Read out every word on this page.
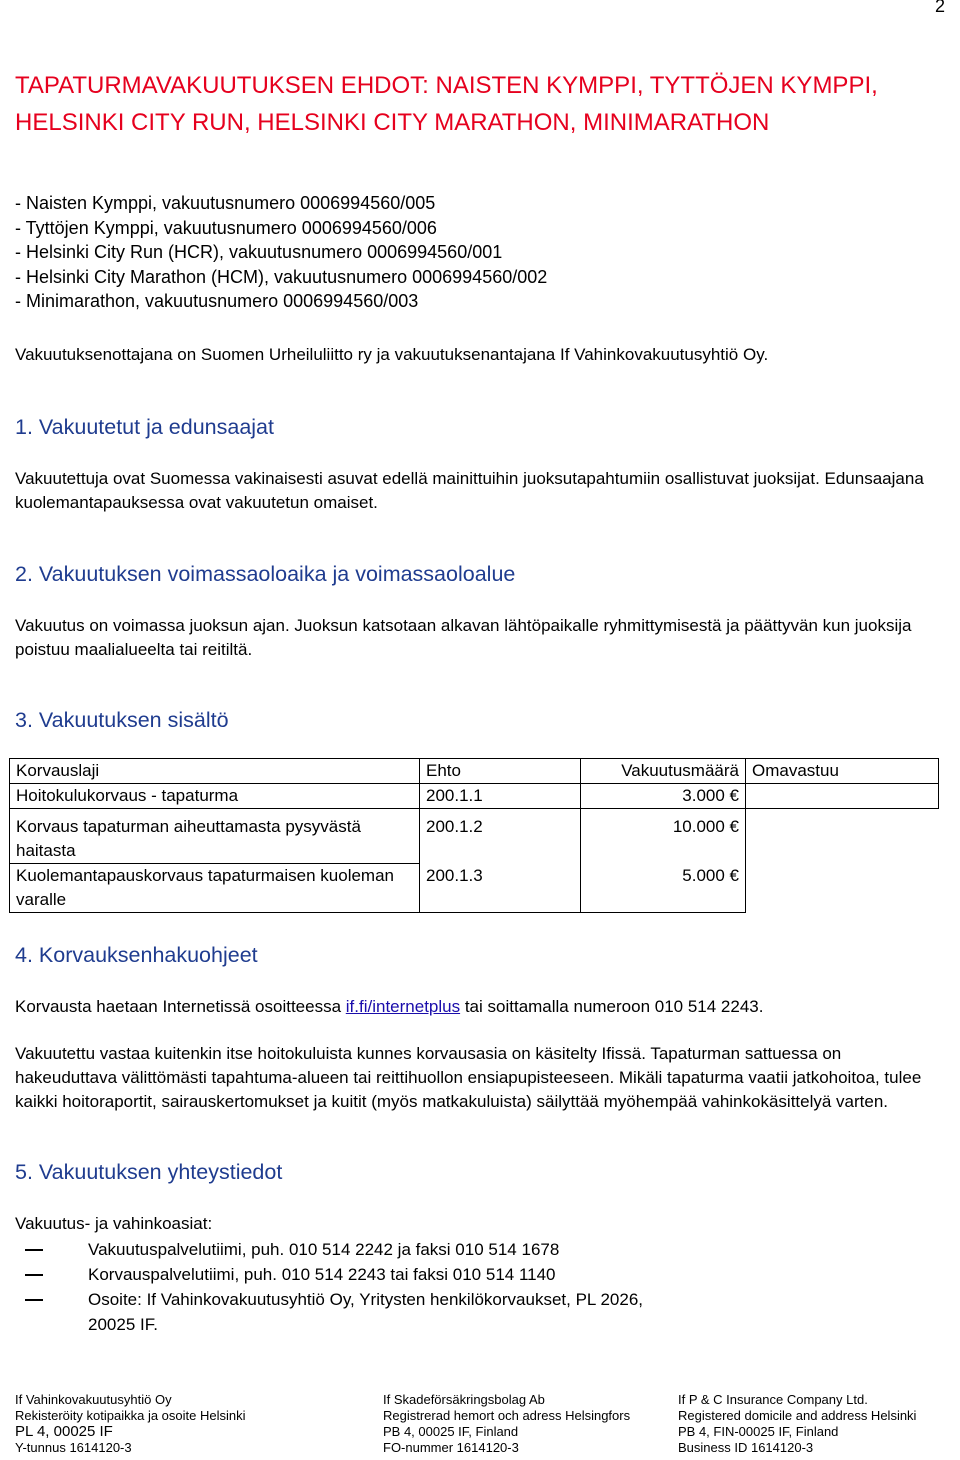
2
TAPATURMAVAKUUTUKSEN EHDOT: NAISTEN KYMPPI, TYTTÖJEN KYMPPI, HELSINKI CITY RUN, HELSINKI CITY MARATHON, MINIMARATHON
- Naisten Kymppi, vakuutusnumero 0006994560/005
- Tyttöjen Kymppi, vakuutusnumero 0006994560/006
- Helsinki City Run (HCR), vakuutusnumero 0006994560/001
- Helsinki City Marathon (HCM), vakuutusnumero 0006994560/002
- Minimarathon, vakuutusnumero 0006994560/003

Vakuutuksenottajana on Suomen Urheiluliitto ry ja vakuutuksenantajana If Vahinkovakuutusyhtiö Oy.

1. Vakuutetut ja edunsaajat

Vakuutettuja ovat Suomessa vakinaisesti asuvat edellä mainittuihin juoksutapahtumiin osallistuvat juoksijat. Edunsaajana kuolemantapauksessa ovat vakuutetun omaiset.

2. Vakuutuksen voimassaoloaika ja voimassaoloalue

Vakuutus on voimassa juoksun ajan. Juoksun katsotaan alkavan lähtöpaikalle ryhmittymisestä ja päättyvän kun juoksija poistuu maalialueelta tai reitiltä.

3. Vakuutuksen sisältö
Korvauslaji	Ehto	Vakuutusmäärä	Omavastuu
Hoitokulukorvaus - tapaturma	200.1.1	3.000 €	

Korvaus tapaturman aiheuttamasta pysyvästä haitasta	200.1.2	10.000 €	
Kuolemantapauskorvaus tapaturmaisen kuoleman varalle	200.1.3	5.000 €	
4. Korvauksenhakuohjeet

Korvausta haetaan Internetissä osoitteessa if.fi/internetplus tai soittamalla numeroon 010 514 2243.

Vakuutettu vastaa kuitenkin itse hoitokuluista kunnes korvausasia on käsitelty Ifissä. Tapaturman sattuessa on hakeuduttava välittömästi tapahtuma-alueen tai reittihuollon ensiapupisteeseen. Mikäli tapaturma vaatii jatkohoitoa, tulee kaikki hoitoraportit, sairauskertomukset ja kuitit (myös matkakuluista) säilyttää myöhempää vahinkokäsittelyä varten.

5. Vakuutuksen yhteystiedot

Vakuutus- ja vahinkoasiat:

Vakuutuspalvelutiimi, puh. 010 514 2242 ja faksi 010 514 1678
Korvauspalvelutiimi, puh. 010 514 2243 tai faksi 010 514 1140
Osoite: If Vahinkovakuutusyhtiö Oy, Yritysten henkilökorvaukset, PL 2026, 20025 IF.
If Vahinkovakuutusyhtiö Oy
Rekisteröity kotipaikka ja osoite Helsinki
PL 4, 00025 IF
Y-tunnus 1614120-3
If Skadeförsäkringsbolag Ab
Registrerad hemort och adress Helsingfors
PB 4, 00025 IF, Finland
FO-nummer 1614120-3
If P & C Insurance Company Ltd.
Registered domicile and address Helsinki
PB 4, FIN-00025 IF, Finland
Business ID 1614120-3
